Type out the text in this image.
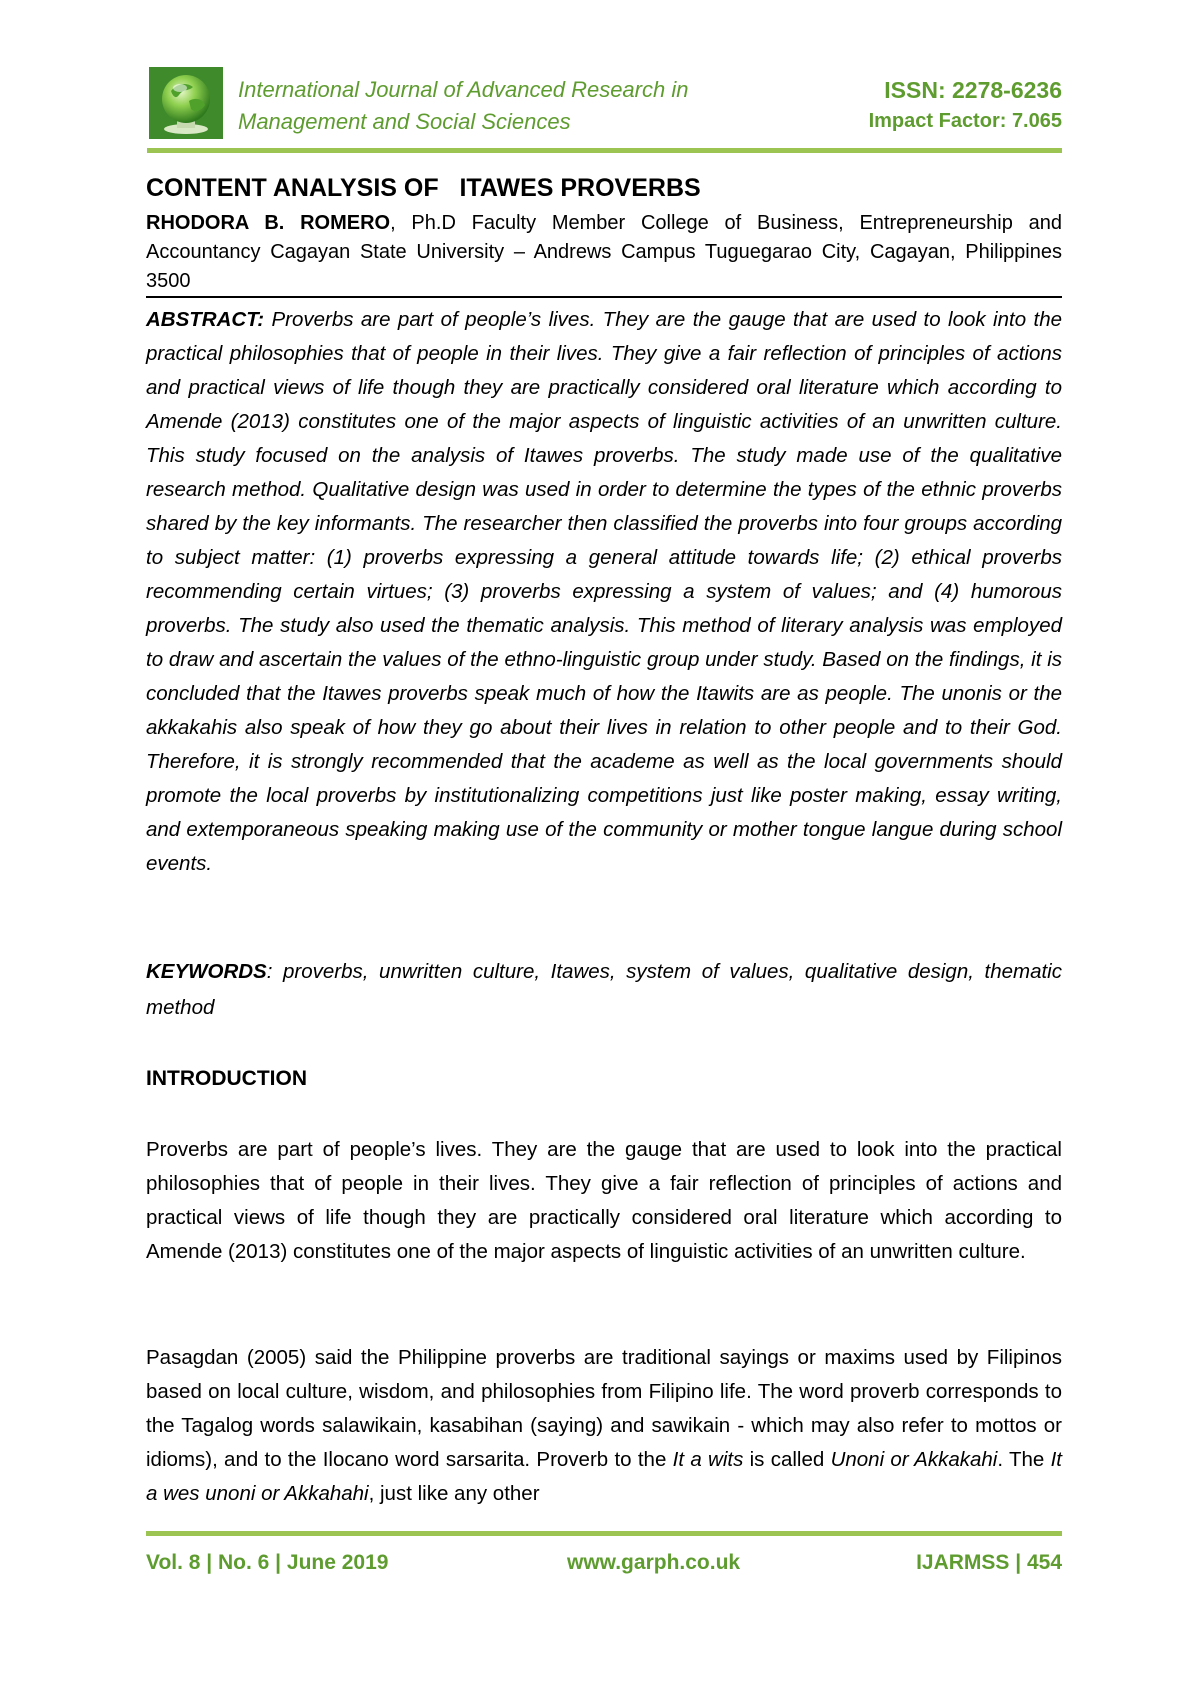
International Journal of Advanced Research in
Management and Social Sciences
ISSN: 2278-6236
Impact Factor: 7.065
CONTENT ANALYSIS OF   ITAWES PROVERBS
RHODORA B. ROMERO, Ph.D Faculty Member College of Business, Entrepreneurship and Accountancy Cagayan State University – Andrews Campus Tuguegarao City, Cagayan, Philippines 3500
ABSTRACT: Proverbs are part of people’s lives. They are the gauge that are used to look into the practical philosophies that of people in their lives. They give a fair reflection of principles of actions and practical views of life though they are practically considered oral literature which according to Amende (2013) constitutes one of the major aspects of linguistic activities of an unwritten culture. This study focused on the analysis of Itawes proverbs. The study made use of the qualitative research method. Qualitative design was used in order to determine the types of the ethnic proverbs shared by the key informants. The researcher then classified the proverbs into four groups according to subject matter: (1) proverbs expressing a general attitude towards life; (2) ethical proverbs recommending certain virtues; (3) proverbs expressing a system of values; and (4) humorous proverbs. The study also used the thematic analysis. This method of literary analysis was employed to draw and ascertain the values of the ethno-linguistic group under study. Based on the findings, it is concluded that the Itawes proverbs speak much of how the Itawits are as people. The unonis or the akkakahis also speak of how they go about their lives in relation to other people and to their God. Therefore, it is strongly recommended that the academe as well as the local governments should promote the local proverbs by institutionalizing competitions just like poster making, essay writing, and extemporaneous speaking making use of the community or mother tongue langue during school events.
KEYWORDS: proverbs, unwritten culture, Itawes, system of values, qualitative design, thematic method
INTRODUCTION
Proverbs are part of people’s lives. They are the gauge that are used to look into the practical philosophies that of people in their lives. They give a fair reflection of principles of actions and practical views of life though they are practically considered oral literature which according to Amende (2013) constitutes one of the major aspects of linguistic activities of an unwritten culture.
Pasagdan (2005) said the Philippine proverbs are traditional sayings or maxims used by Filipinos based on local culture, wisdom, and philosophies from Filipino life. The word proverb corresponds to the Tagalog words salawikain, kasabihan (saying) and sawikain - which may also refer to mottos or idioms), and to the Ilocano word sarsarita. Proverb to the It a wits is called Unoni or Akkakahi. The It a wes unoni or Akkahahi, just like any other
Vol. 8 | No. 6 | June 2019	www.garph.co.uk	IJARMSS | 454
